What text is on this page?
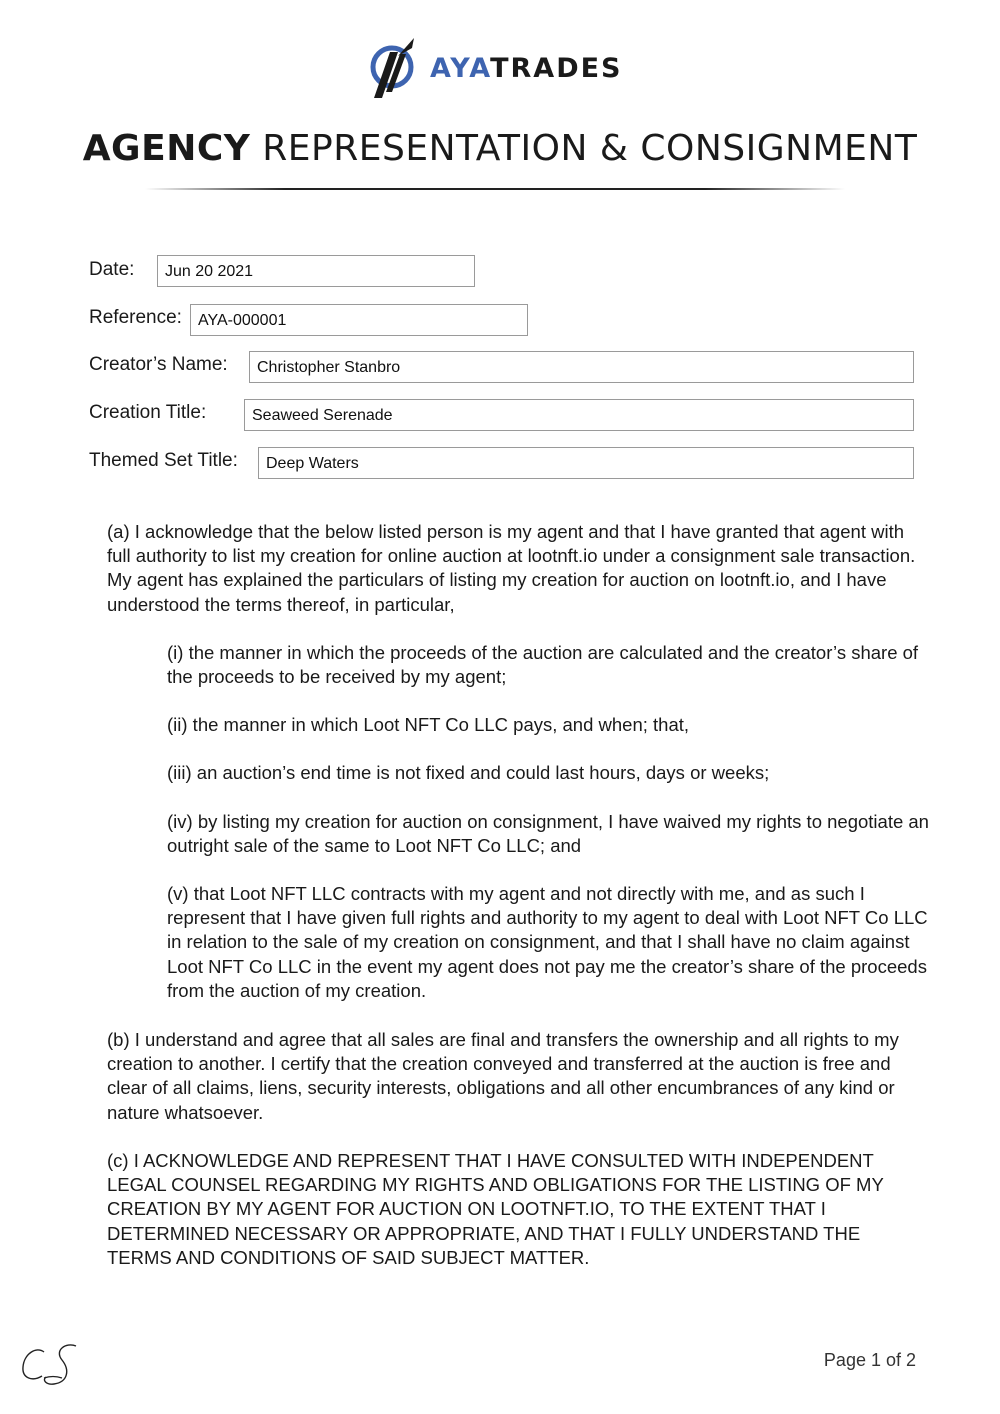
AYATRADES
AGENCY REPRESENTATION & CONSIGNMENT
Date:	Jun 20 2021
Reference:	AYA-000001
Creator’s Name:	Christopher Stanbro
Creation Title:	Seaweed Serenade
Themed Set Title:	Deep Waters
(a) I acknowledge that the below listed person is my agent and that I have granted that agent with full authority to list my creation for online auction at lootnft.io under a consignment sale transaction. My agent has explained the particulars of listing my creation for auction on lootnft.io, and I have understood the terms thereof, in particular,
(i) the manner in which the proceeds of the auction are calculated and the creator’s share of the proceeds to be received by my agent;
(ii) the manner in which Loot NFT Co LLC pays, and when; that,
(iii) an auction’s end time is not fixed and could last hours, days or weeks;
(iv) by listing my creation for auction on consignment, I have waived my rights to negotiate an outright sale of the same to Loot NFT Co LLC; and
(v) that Loot NFT LLC contracts with my agent and not directly with me, and as such I represent that I have given full rights and authority to my agent to deal with Loot NFT Co LLC in relation to the sale of my creation on consignment, and that I shall have no claim against Loot NFT Co LLC in the event my agent does not pay me the creator’s share of the proceeds from the auction of my creation.
(b) I understand and agree that all sales are final and transfers the ownership and all rights to my creation to another. I certify that the creation conveyed and transferred at the auction is free and clear of all claims, liens, security interests, obligations and all other encumbrances of any kind or nature whatsoever.
(c) I ACKNOWLEDGE AND REPRESENT THAT I HAVE CONSULTED WITH INDEPENDENT LEGAL COUNSEL REGARDING MY RIGHTS AND OBLIGATIONS FOR THE LISTING OF MY CREATION BY MY AGENT FOR AUCTION ON LOOTNFT.IO, TO THE EXTENT THAT I DETERMINED NECESSARY OR APPROPRIATE, AND THAT I FULLY UNDERSTAND THE TERMS AND CONDITIONS OF SAID SUBJECT MATTER.
Page 1 of 2
